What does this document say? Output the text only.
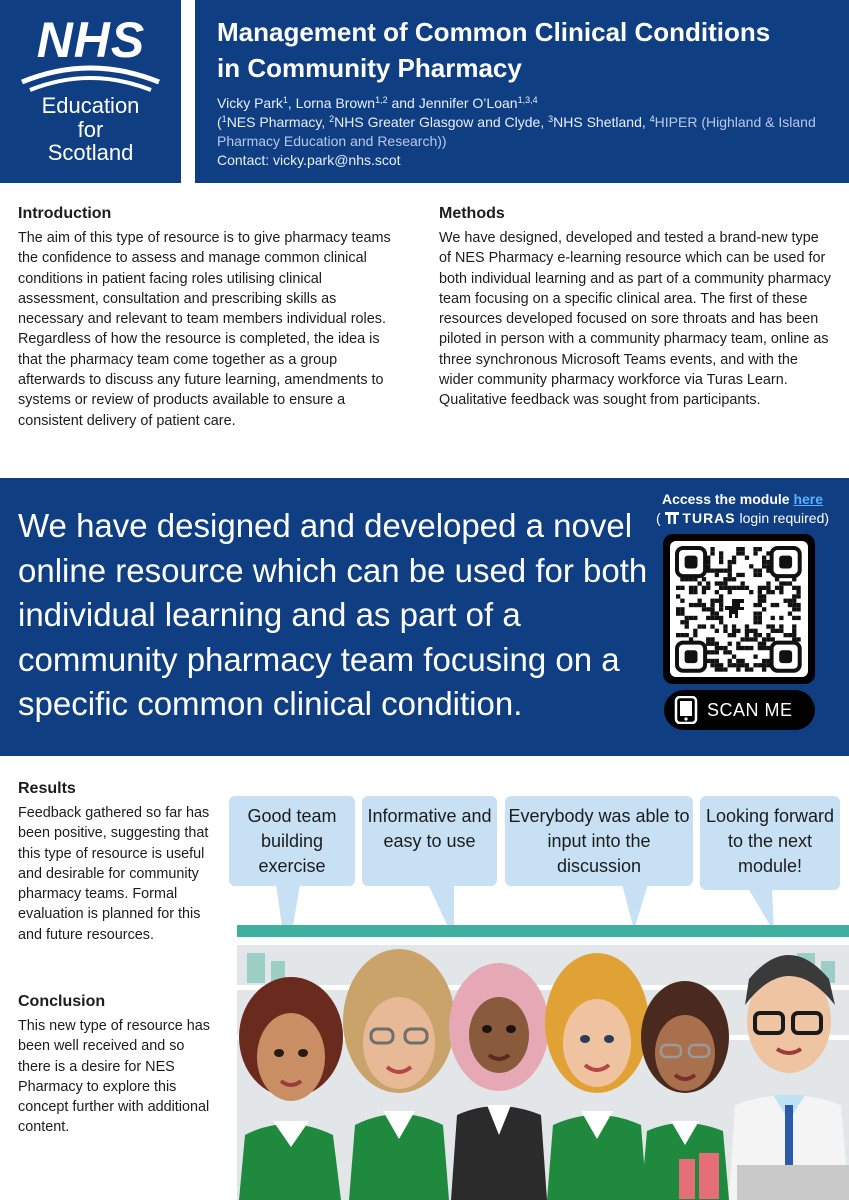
NHS
Education
for
Scotland
Management of Common Clinical Conditions
in Community Pharmacy
Vicky Park$^1$, Lorna Brown$^{1,2}$ and Jennifer O’Loan$^{1,3,4}$
($^1$NES Pharmacy, $^2$NHS Greater Glasgow and Clyde, $^3$NHS Shetland, $^4$HIPER (Highland & Island Pharmacy Education and Research))
Contact: vicky.park@nhs.scot
Introduction
The aim of this type of resource is to give pharmacy teams the confidence to assess and manage common clinical conditions in patient facing roles utilising clinical assessment, consultation and prescribing skills as necessary and relevant to team members individual roles. Regardless of how the resource is completed, the idea is that the pharmacy team come together as a group afterwards to discuss any future learning, amendments to systems or review of products available to ensure a consistent delivery of patient care.
Methods
We have designed, developed and tested a brand-new type of NES Pharmacy e-learning resource which can be used for both individual learning and as part of a community pharmacy team focusing on a specific clinical area. The first of these resources developed focused on sore throats and has been piloted in person with a community pharmacy team, online as three synchronous Microsoft Teams events, and with the wider community pharmacy workforce via Turas Learn. Qualitative feedback was sought from participants.
We have designed and developed a novel online resource which can be used for both individual learning and as part of a community pharmacy team focusing on a specific common clinical condition.
Access the module here
( TURAS login required)
SCAN ME
Results
Feedback gathered so far has been positive, suggesting that this type of resource is useful and desirable for community pharmacy teams. Formal evaluation is planned for this and future resources.
Conclusion
This new type of resource has been well received and so there is a desire for NES Pharmacy to explore this concept further with additional content.
Good team building exercise
Informative and easy to use
Everybody was able to input into the discussion
Looking forward to the next module!
